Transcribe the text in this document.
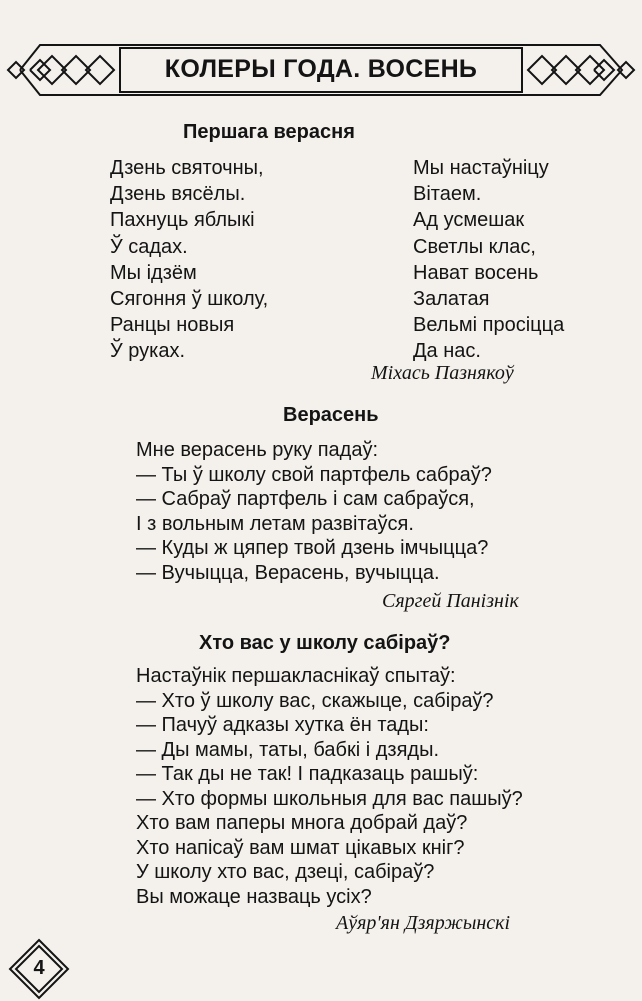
КОЛЕРЫ ГОДА. ВОСЕНЬ
Першага верасня
Дзень святочны,
Дзень вясёлы.
Пахнуць яблыкі
Ў садах.
Мы ідзём
Сягоння ў школу,
Ранцы новыя
Ў руках.
Мы настаўніцу
Вітаем.
Ад усмешак
Светлы клас,
Нават восень
Залатая
Вельмі просіцца
Да нас.
Міхась Пазнякоў
Верасень
Мне верасень руку падаў:
— Ты ў школу свой партфель сабраў?
— Сабраў партфель і сам сабраўся,
І з вольным летам развітаўся.
— Куды ж цяпер твой дзень імчыцца?
— Вучыцца, Верасень, вучыцца.
Сяргей Панізнік
Хто вас у школу сабіраў?
Настаўнік першакласнікаў спытаў:
— Хто ў школу вас, скажыце, сабіраў?
— Пачуў адказы хутка ён тады:
— Ды мамы, таты, бабкі і дзяды.
— Так ды не так! І падказаць рашыў:
— Хто формы школьныя для вас пашыў?
Хто вам паперы многа добрай даў?
Хто напісаў вам шмат цікавых кніг?
У школу хто вас, дзеці, сабіраў?
Вы можаце назваць усіх?
Аўяр'ян Дзяржынскі
4
